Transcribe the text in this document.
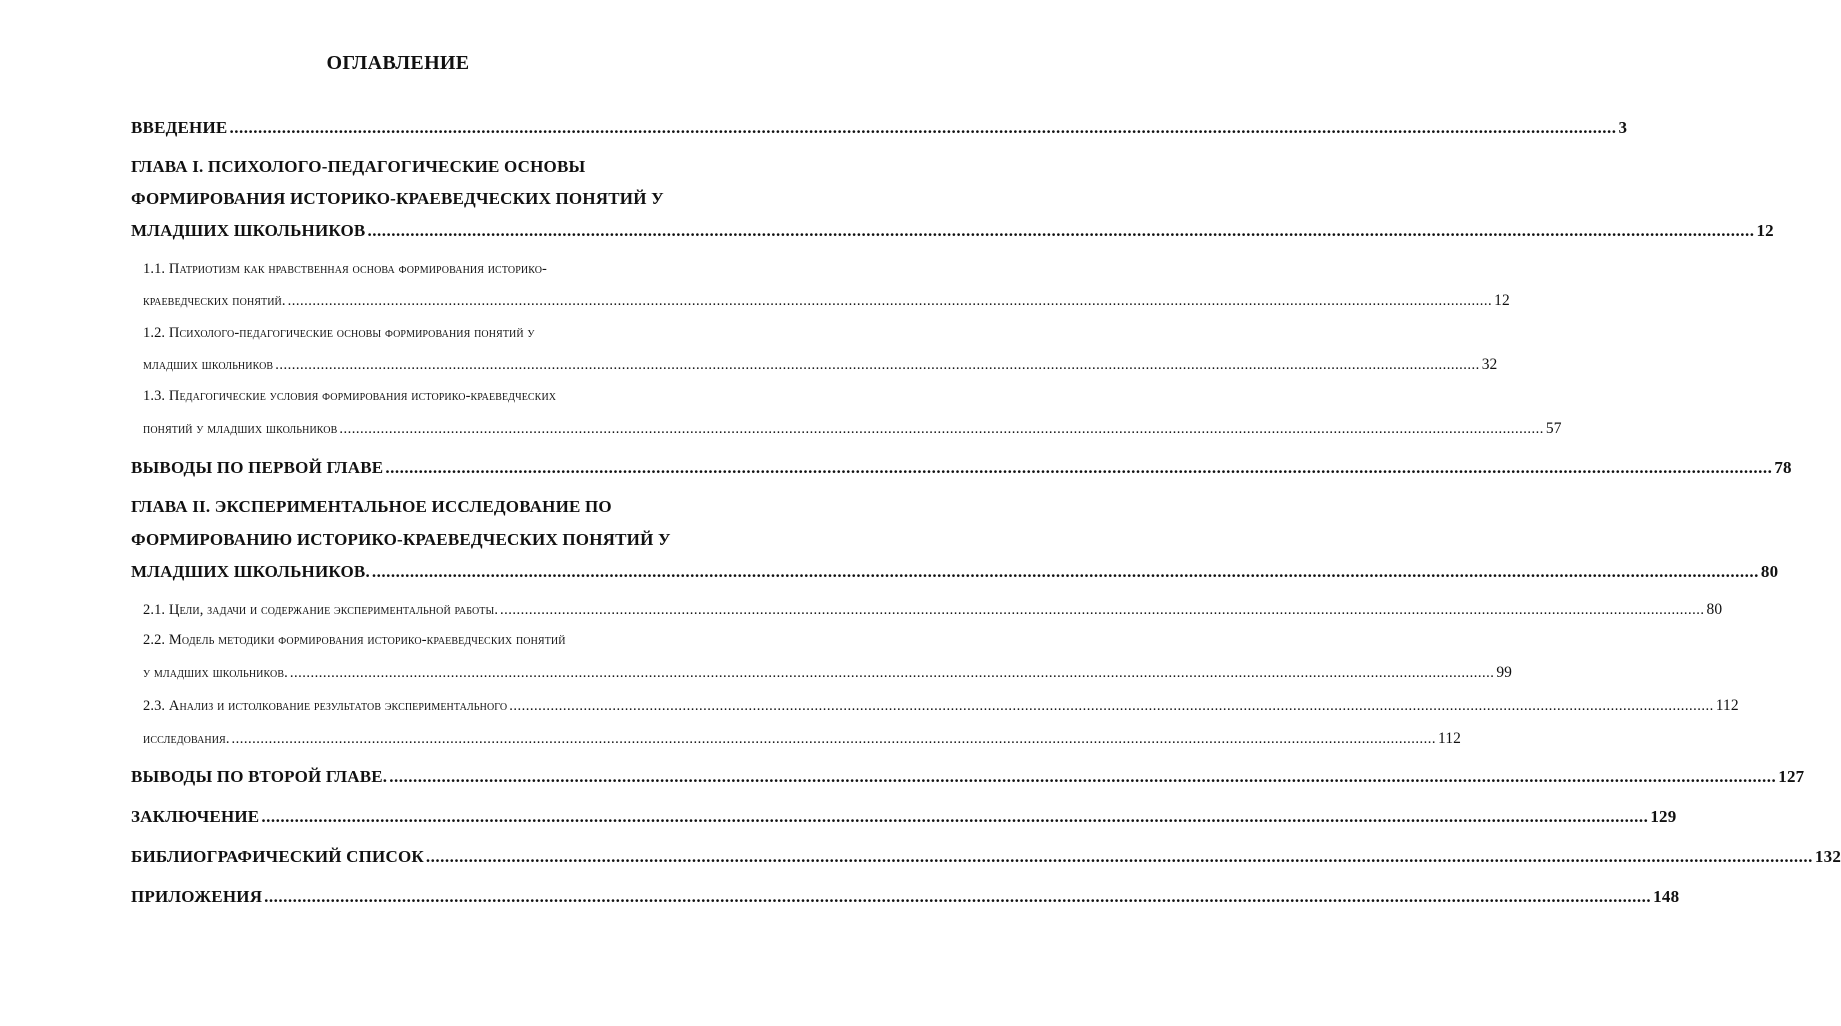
ОГЛАВЛЕНИЕ
ВВЕДЕНИЕ .....	3
ГЛАВА I. ПСИХОЛОГО-ПЕДАГОГИЧЕСКИЕ ОСНОВЫ
ФОРМИРОВАНИЯ ИСТОРИКО-КРАЕВЕДЧЕСКИХ ПОНЯТИЙ У
МЛАДШИХ ШКОЛЬНИКОВ .....	12
1.1. Патриотизм как нравственная основа формирования историко-
краеведческих понятий. .....	12
1.2. Психолого-педагогические основы формирования понятий у
младших школьников .....	32
1.3. Педагогические условия формирования историко-краеведческих
понятий у младших школьников .....	57
ВЫВОДЫ ПО ПЕРВОЙ ГЛАВЕ .....	78
ГЛАВА II. ЭКСПЕРИМЕНТАЛЬНОЕ ИССЛЕДОВАНИЕ ПО
ФОРМИРОВАНИЮ ИСТОРИКО-КРАЕВЕДЧЕСКИХ ПОНЯТИЙ У
МЛАДШИХ ШКОЛЬНИКОВ. .....	80
2.1. Цели, задачи и содержание экспериментальной работы. .....	80
2.2. Модель методики формирования историко-краеведческих понятий
у младших школьников. .....	99
2.3. Анализ и истолкование результатов экспериментального .....	112
исследования. .....	112
ВЫВОДЫ ПО ВТОРОЙ ГЛАВЕ. .....	127
ЗАКЛЮЧЕНИЕ .....	129
БИБЛИОГРАФИЧЕСКИЙ СПИСОК .....	132
ПРИЛОЖЕНИЯ .....	148
